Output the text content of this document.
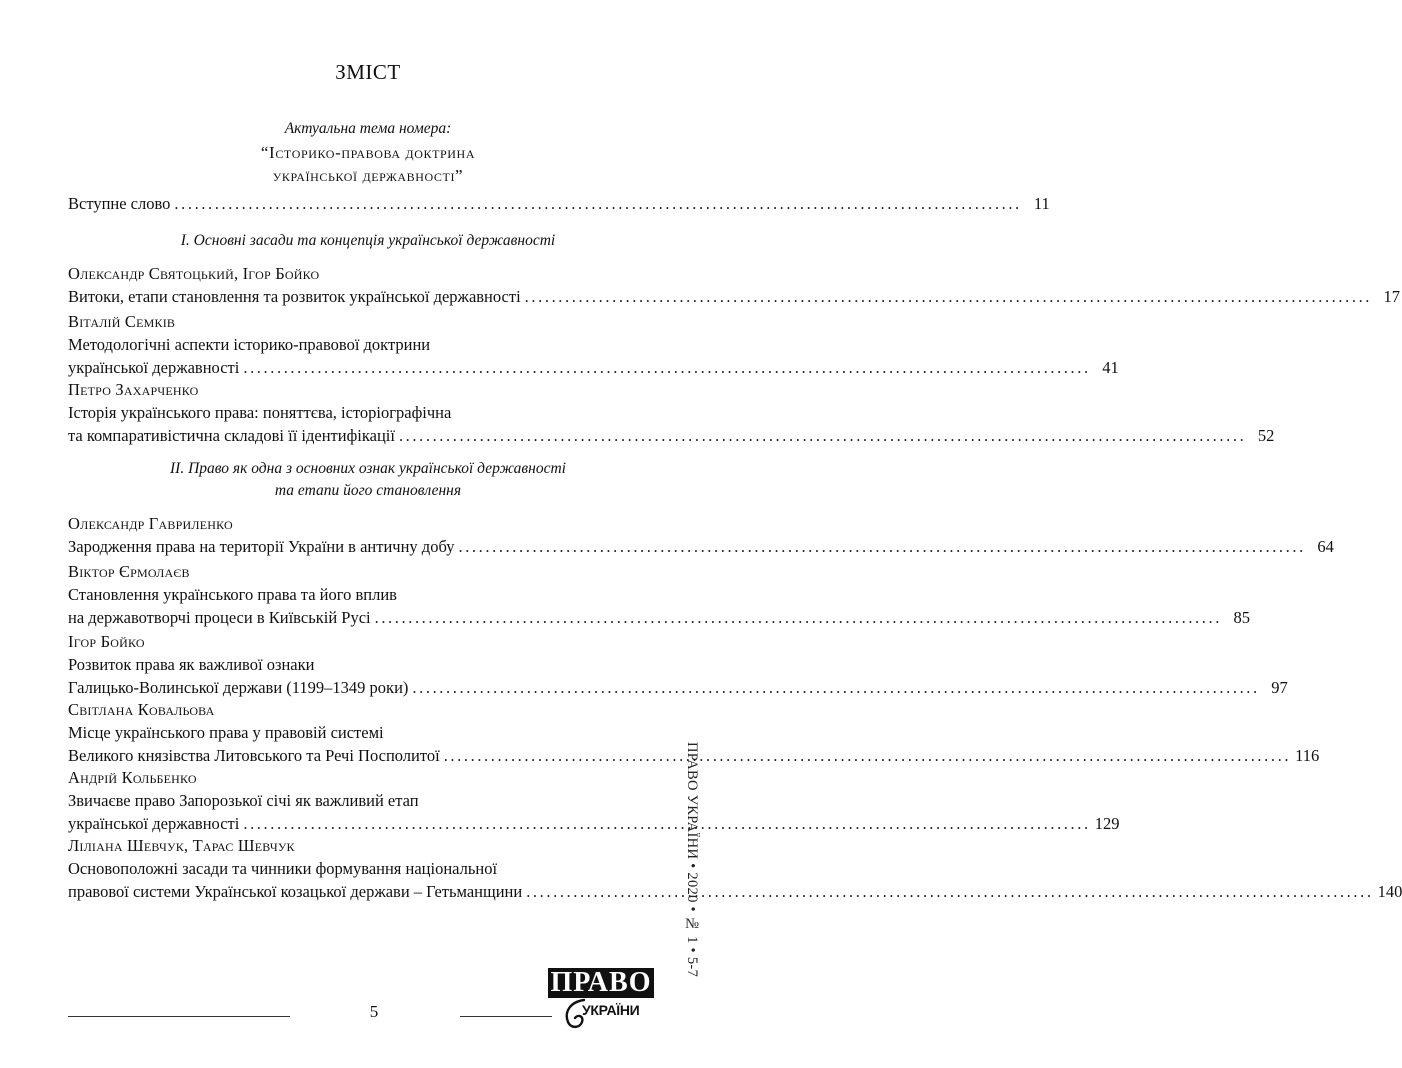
ЗМІСТ
Актуальна тема номера:
“Історико-правова доктрина
української державності”
Вступне слово .............................................................................................................................. 11
I. Основні засади та концепція української державності
Олександр Святоцький, Ігор Бойко
Витоки, етапи становлення та розвиток української державності .............................................................................................................................. 17
Віталій Семків
Методологічні аспекти історико-правової доктрини
української державності .............................................................................................................................. 41
Петро Захарченко
Історія українського права: поняттєва, історіографічна
та компаративістична складові її ідентифікації .............................................................................................................................. 52
II. Право як одна з основних ознак української державності
та етапи його становлення
Олександр Гавриленко
Зародження права на території України в античну добу .............................................................................................................................. 64
Віктор Єрмолаєв
Становлення українського права та його вплив
на державотворчі процеси в Київській Русі .............................................................................................................................. 85
Ігор Бойко
Розвиток права як важливої ознаки
Галицько-Волинської держави (1199–1349 роки) .............................................................................................................................. 97
Світлана Ковальова
Місце українського права у правовій системі
Великого князівства Литовського та Речі Посполитої .............................................................................................................................. 116
Андрій Кольбенко
Звичаєве право Запорозької січі як важливий етап
української державності .............................................................................................................................. 129
Ліліана Шевчук, Тарас Шевчук
Основоположні засади та чинники формування національної
правової системи Української козацької держави – Гетьманщини .............................................................................................................................. 140
ПРАВО УКРАЇНИ • 2020 • № 1 • 5-7
5
ПРАВО
УКРАЇНИ
